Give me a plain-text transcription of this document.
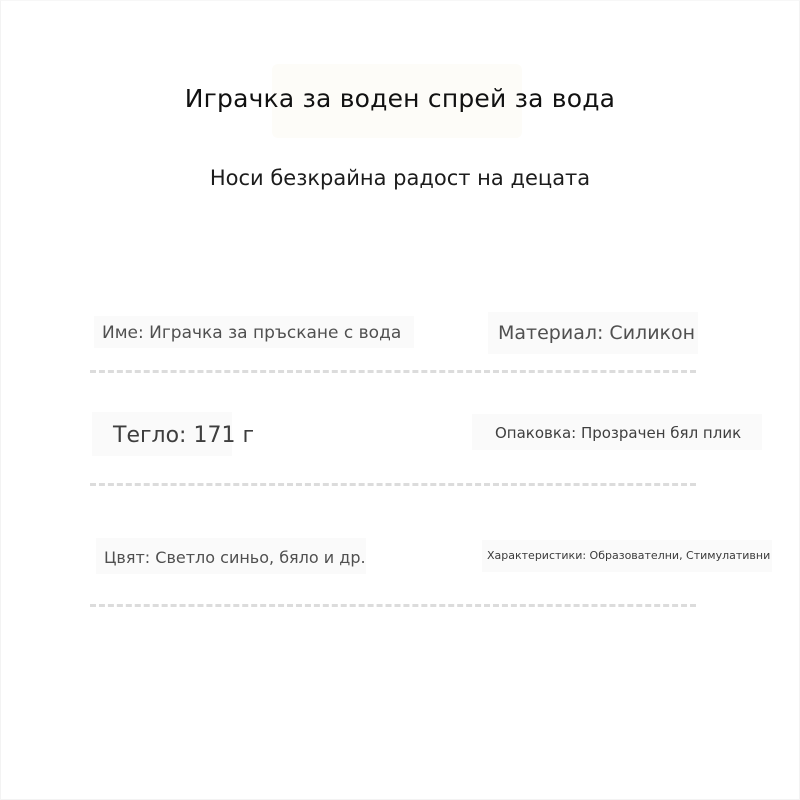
Играчка за воден спрей за вода
Носи безкрайна радост на децата
Име: Играчка за пръскане с вода	Материал: Силикон
Тегло: 171 г	Опаковка: Прозрачен бял плик
Цвят: Светло синьо, бяло и др.	Характеристики: Образователни, Стимулативни
